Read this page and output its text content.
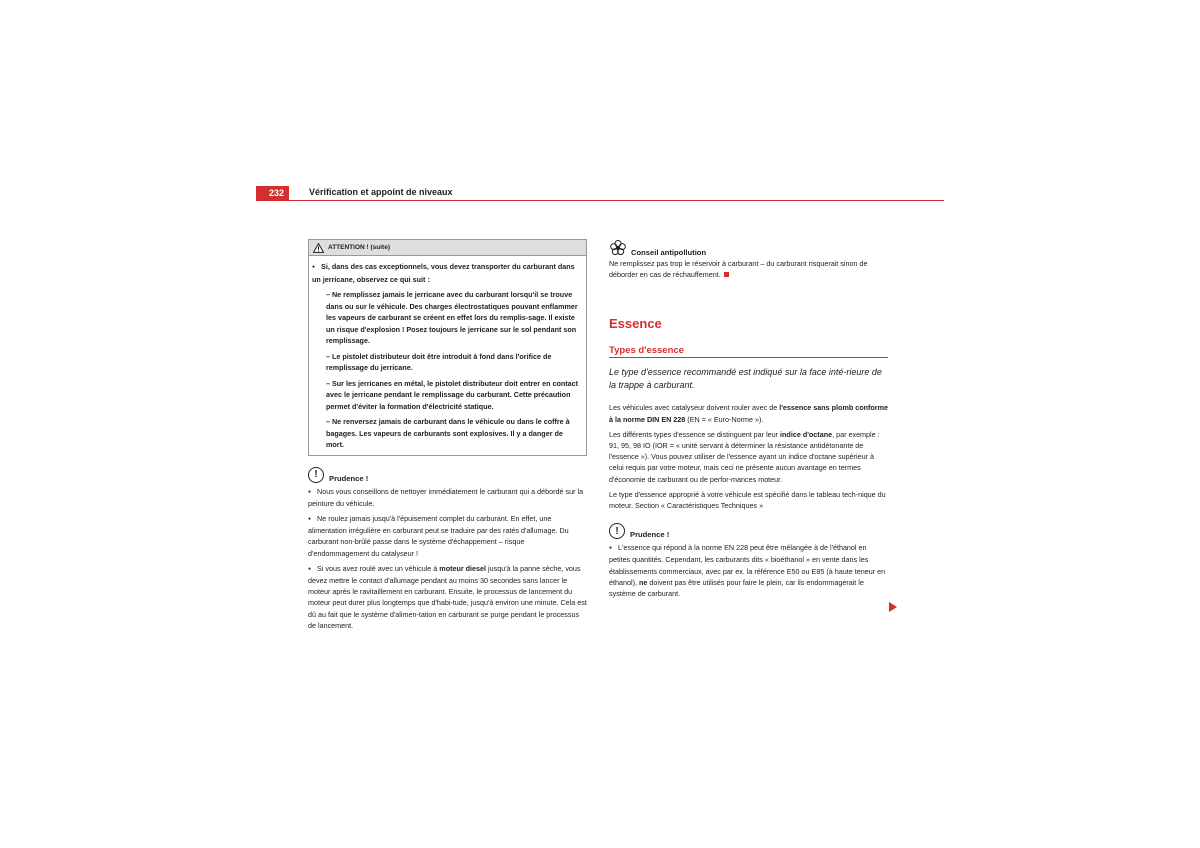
232	Vérification et appoint de niveaux
ATTENTION ! (suite)

● Si, dans des cas exceptionnels, vous devez transporter du carburant dans un jerricane, observez ce qui suit :

– Ne remplissez jamais le jerricane avec du carburant lorsqu'il se trouve dans ou sur le véhicule. Des charges électrostatiques pouvant enflammer les vapeurs de carburant se créent en effet lors du remplis-sage. Il existe un risque d'explosion ! Posez toujours le jerricane sur le sol pendant son remplissage.

– Le pistolet distributeur doit être introduit à fond dans l'orifice de remplissage du jerricane.

– Sur les jerricanes en métal, le pistolet distributeur doit entrer en contact avec le jerricane pendant le remplissage du carburant. Cette précaution permet d'éviter la formation d'électricité statique.

– Ne renversez jamais de carburant dans le véhicule ou dans le coffre à bagages. Les vapeurs de carburants sont explosives. Il y a danger de mort.

!	Prudence !

● Nous vous conseillons de nettoyer immédiatement le carburant qui a débordé sur la peinture du véhicule.

● Ne roulez jamais jusqu'à l'épuisement complet du carburant. En effet, une alimentation irrégulière en carburant peut se traduire par des ratés d'allumage. Du carburant non-brûlé passe dans le système d'échappement – risque d'endommagement du catalyseur !

● Si vous avez roulé avec un véhicule à moteur diesel jusqu'à la panne sèche, vous devez mettre le contact d'allumage pendant au moins 30 secondes sans lancer le moteur après le ravitaillement en carburant. Ensuite, le processus de lancement du moteur peut durer plus longtemps que d'habi-tude, jusqu'à environ une minute. Cela est dû au fait que le système d'alimen-tation en carburant se purge pendant le processus de lancement.

Conseil antipollution
Ne remplissez pas trop le réservoir à carburant – du carburant risquerait sinon de déborder en cas de réchauffement.
Essence
Types d'essence
Le type d'essence recommandé est indiqué sur la face inté-rieure de la trappe à carburant.

Les véhicules avec catalyseur doivent rouler avec de l'essence sans plomb conforme à la norme DIN EN 228 (EN = « Euro-Norme »).

Les différents types d'essence se distinguent par leur indice d'octane, par exemple : 91, 95, 98 IO (IOR = « unité servant à déterminer la résistance antidétonante de l'essence »). Vous pouvez utiliser de l'essence ayant un indice d'octane supérieur à celui requis par votre moteur, mais ceci ne présente aucun avantage en termes d'économie de carburant ou de perfor-mances moteur.

Le type d'essence approprié à votre véhicule est spécifié dans le tableau tech-nique du moteur. Section « Caractéristiques Techniques »

!	Prudence !

● L'essence qui répond à la norme EN 228 peut être mélangée à de l'éthanol en petites quantités. Cependant, les carburants dits « bioéthanol » en vente dans les établissements commerciaux, avec par ex. la référence E50 ou E85 (à haute teneur en éthanol), ne doivent pas être utilisés pour faire le plein, car ils endommagerait le système de carburant.
